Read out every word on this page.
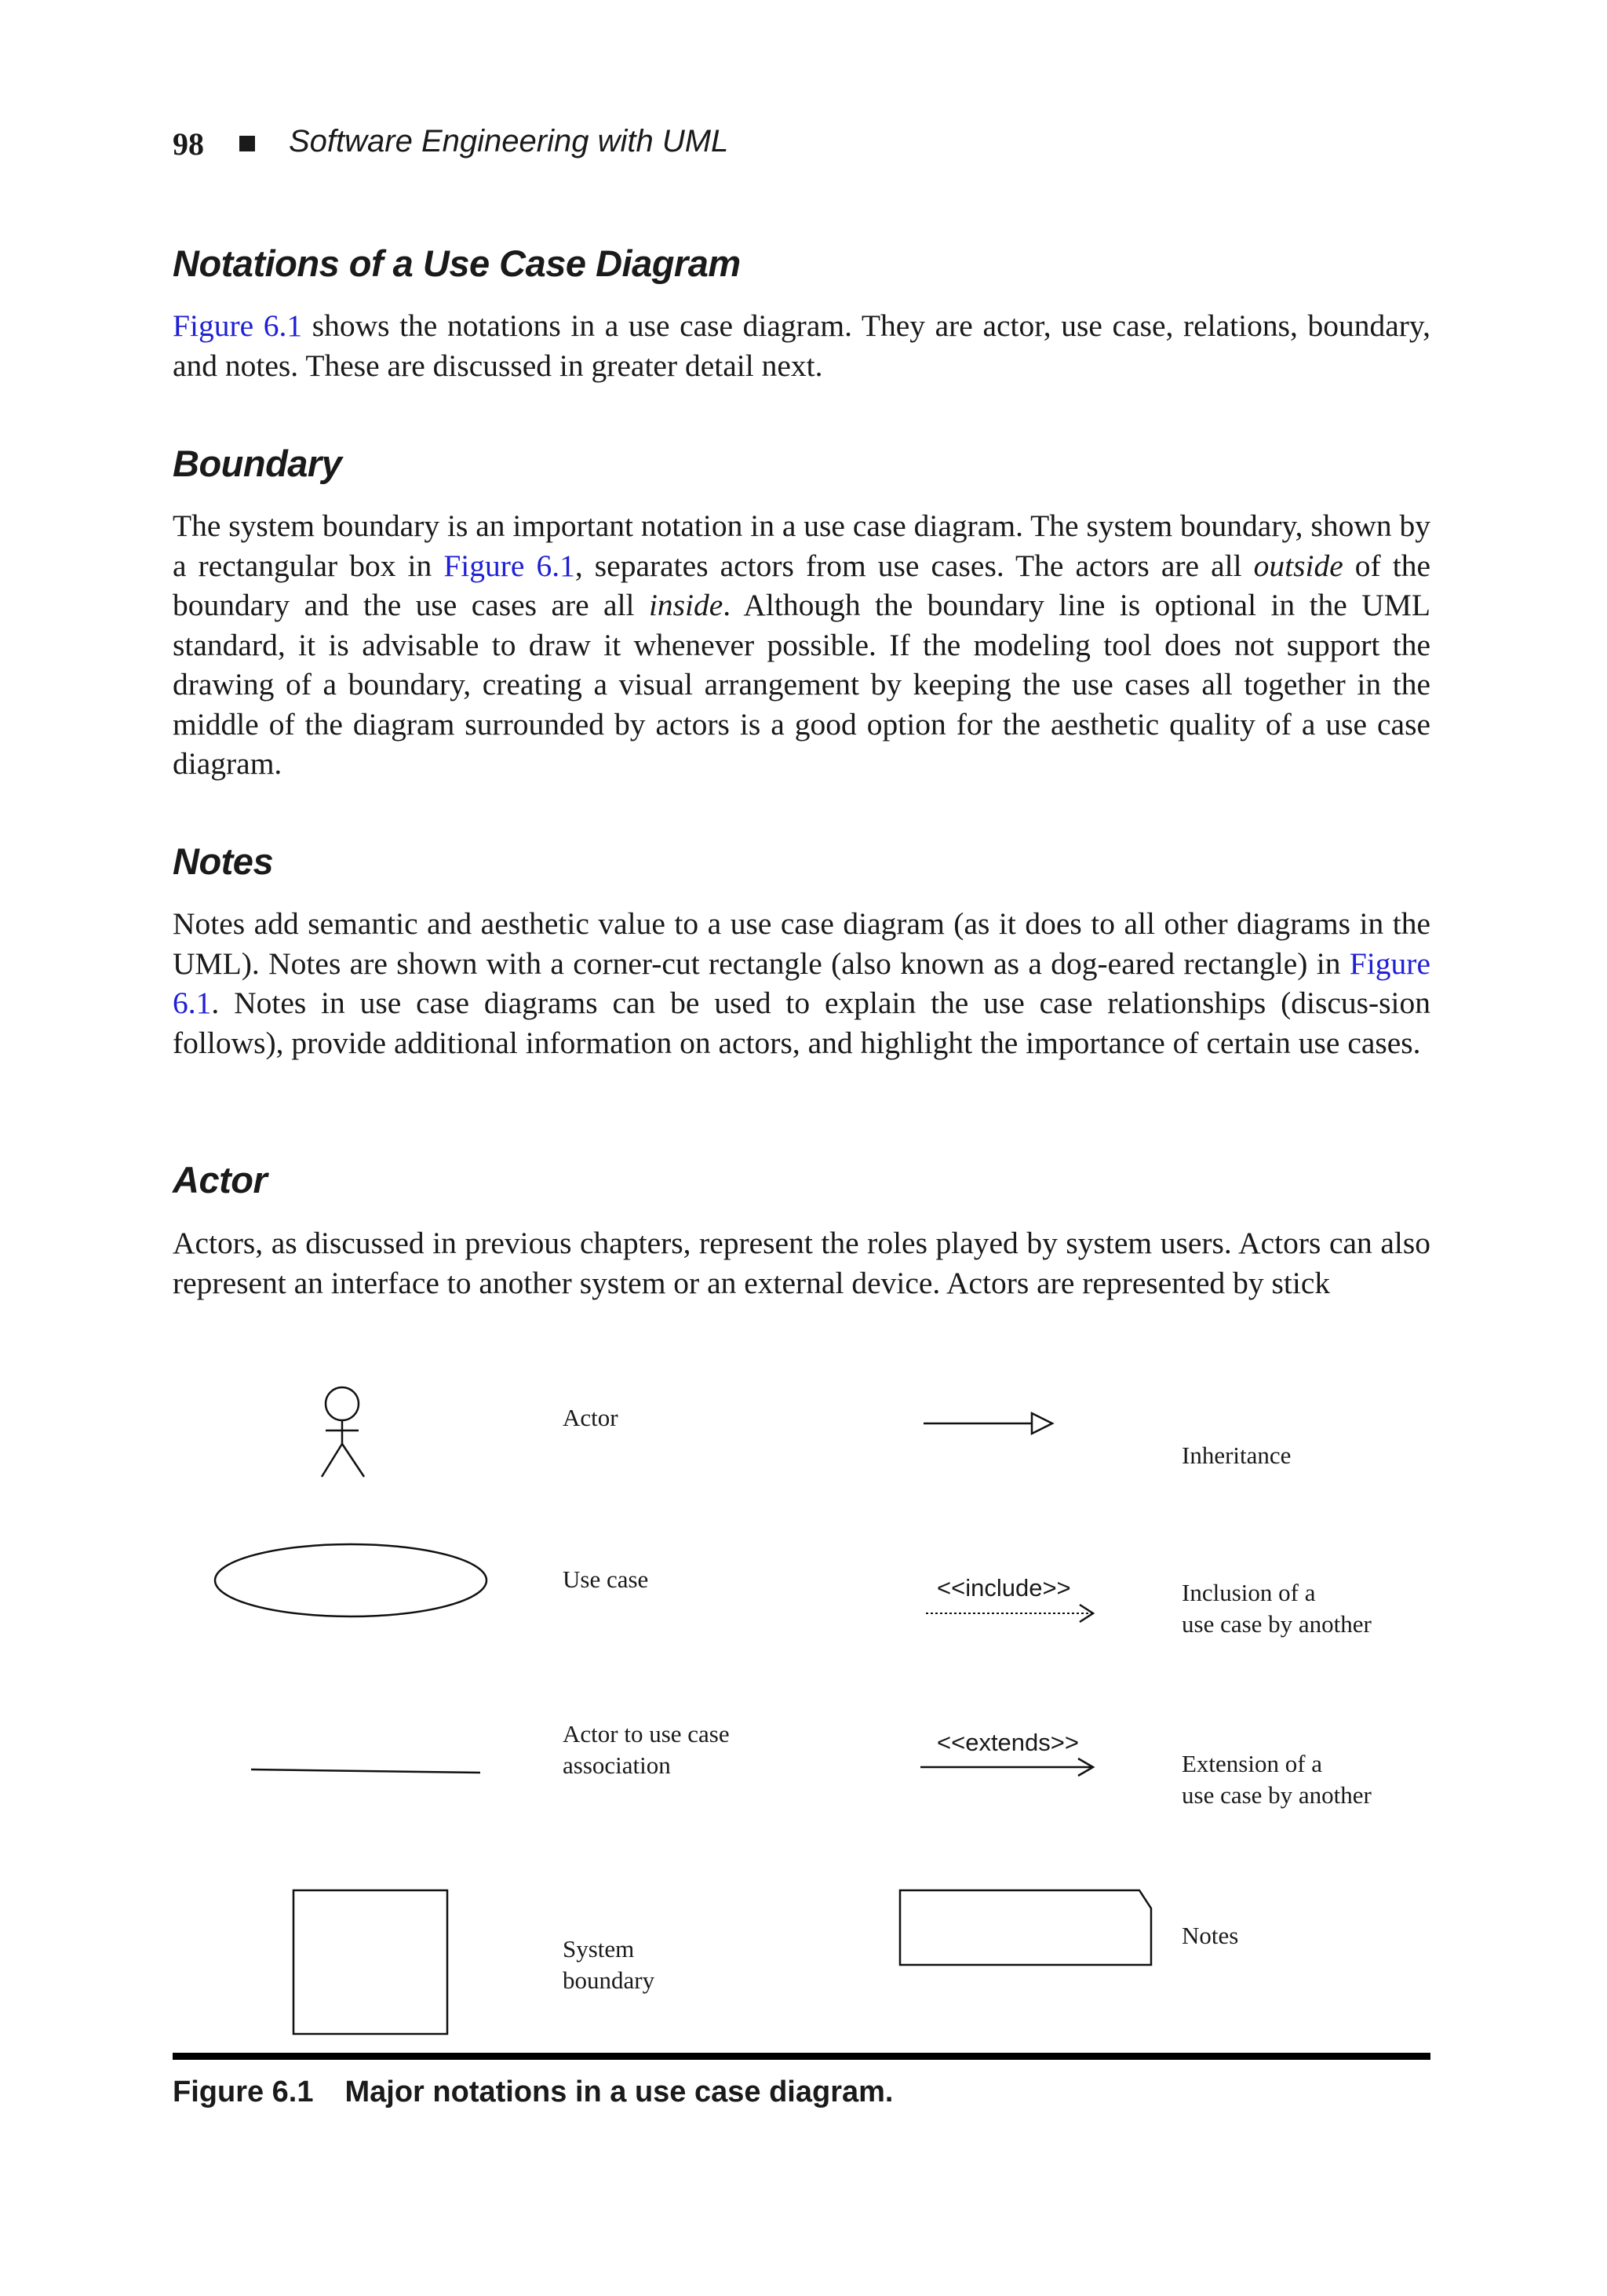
98	Software Engineering with UML
Notations of a Use Case Diagram

Figure 6.1 shows the notations in a use case diagram. They are actor, use case, relations, boundary, and notes. These are discussed in greater detail next.

Boundary

The system boundary is an important notation in a use case diagram. The system boundary, shown by a rectangular box in Figure 6.1, separates actors from use cases. The actors are all outside of the boundary and the use cases are all inside. Although the boundary line is optional in the UML standard, it is advisable to draw it whenever possible. If the modeling tool does not support the drawing of a boundary, creating a visual arrangement by keeping the use cases all together in the middle of the diagram surrounded by actors is a good option for the aesthetic quality of a use case diagram.

Notes

Notes add semantic and aesthetic value to a use case diagram (as it does to all other diagrams in the UML). Notes are shown with a corner-cut rectangle (also known as a dog-eared rectangle) in Figure 6.1. Notes in use case diagrams can be used to explain the use case relationships (discus-sion follows), provide additional information on actors, and highlight the importance of certain use cases.

Actor

Actors, as discussed in previous chapters, represent the roles played by system users. Actors can also represent an interface to another system or an external device. Actors are represented by stick

Actor
Use case
Actor to use case
association
System
boundary
Inheritance
Inclusion of a
use case by another
Extension of a
use case by another
Notes
<<include>>
<<extends>>
Figure 6.1 Major notations in a use case diagram.
